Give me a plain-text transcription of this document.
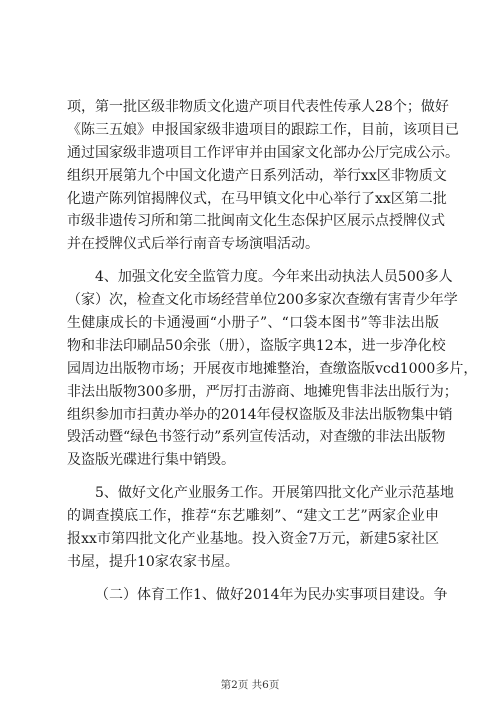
项，第一批区级非物质文化遗产项目代表性传承人28个；做好
《陈三五娘》申报国家级非遗项目的跟踪工作，目前，该项目已
通过国家级非遗项目工作评审并由国家文化部办公厅完成公示。
组织开展第九个中国文化遗产日系列活动，举行xx区非物质文
化遗产陈列馆揭牌仪式，在马甲镇文化中心举行了xx区第二批
市级非遗传习所和第二批闽南文化生态保护区展示点授牌仪式
并在授牌仪式后举行南音专场演唱活动。
4、加强文化安全监管力度。今年来出动执法人员500多人
（家）次，检查文化市场经营单位200多家次查缴有害青少年学
生健康成长的卡通漫画“小册子”、“口袋本图书”等非法出版
物和非法印刷品50余张（册），盗版字典12本，进一步净化校
园周边出版物市场；开展夜市地摊整治，查缴盗版vcd1000多片，
非法出版物300多册，严厉打击游商、地摊兜售非法出版行为；
组织参加市扫黄办举办的2014年侵权盗版及非法出版物集中销
毁活动暨“绿色书签行动”系列宣传活动，对查缴的非法出版物
及盗版光碟进行集中销毁。
5、做好文化产业服务工作。开展第四批文化产业示范基地
的调查摸底工作，推荐“东艺雕刻”、“建文工艺”两家企业申
报xx市第四批文化产业基地。投入资金7万元，新建5家社区
书屋，提升10家农家书屋。
（二）体育工作1、做好2014年为民办实事项目建设。争
第2页 共6页
